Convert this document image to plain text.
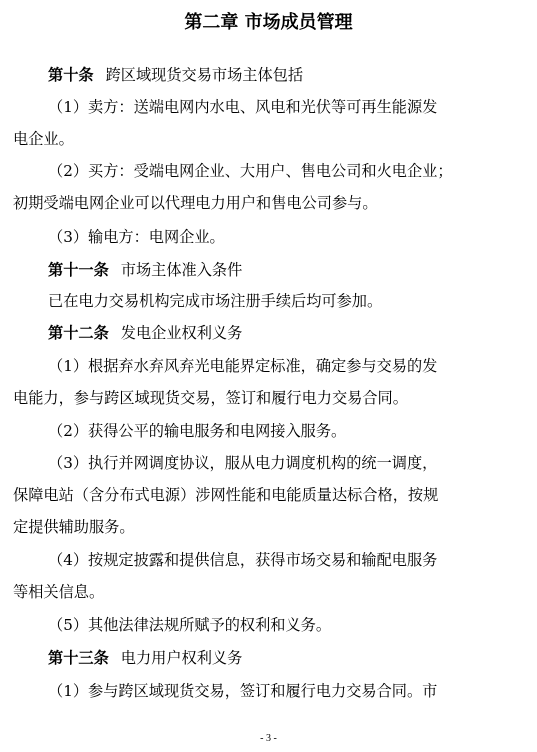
第二章 市场成员管理
第十条 跨区域现货交易市场主体包括
（1）卖方：送端电网内水电、风电和光伏等可再生能源发
电企业。
（2）买方：受端电网企业、大用户、售电公司和火电企业；
初期受端电网企业可以代理电力用户和售电公司参与。
（3）输电方：电网企业。
第十一条 市场主体准入条件
已在电力交易机构完成市场注册手续后均可参加。
第十二条 发电企业权利义务
（1）根据弃水弃风弃光电能界定标准，确定参与交易的发
电能力，参与跨区域现货交易，签订和履行电力交易合同。
（2）获得公平的输电服务和电网接入服务。
（3）执行并网调度协议，服从电力调度机构的统一调度，
保障电站（含分布式电源）涉网性能和电能质量达标合格，按规
定提供辅助服务。
（4）按规定披露和提供信息，获得市场交易和输配电服务
等相关信息。
（5）其他法律法规所赋予的权利和义务。
第十三条 电力用户权利义务
（1）参与跨区域现货交易，签订和履行电力交易合同。市
- 3 -
